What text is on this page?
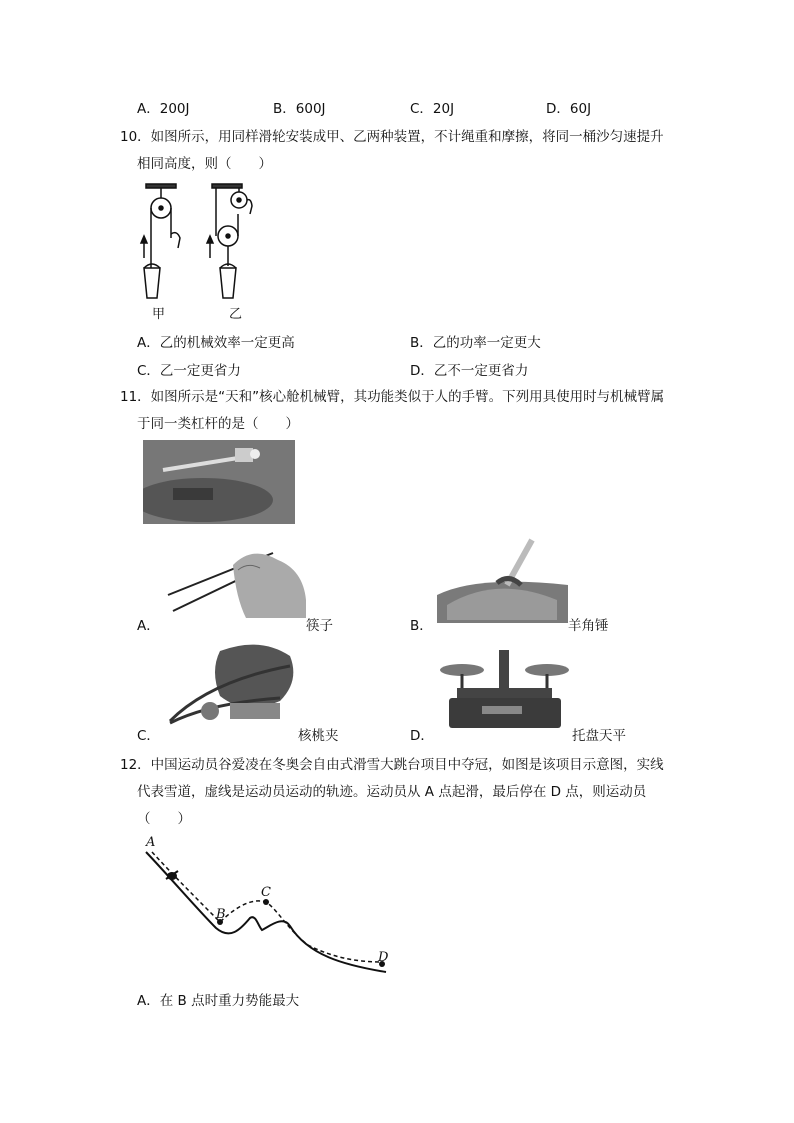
A．200J	B．600J	C．20J	D．60J
10．如图所示，用同样滑轮安装成甲、乙两种装置，不计绳重和摩擦，将同一桶沙匀速提升
相同高度，则（　　）
甲	乙
A．乙的机械效率一定更高	B．乙的功率一定更大
C．乙一定更省力	D．乙不一定更省力
11．如图所示是“天和”核心舱机械臂，其功能类似于人的手臂。下列用具使用时与机械臂属
于同一类杠杆的是（　　）
A．	筷子	B．	羊角锤
C．	核桃夹	D．	托盘天平
12．中国运动员谷爱凌在冬奥会自由式滑雪大跳台项目中夺冠，如图是该项目示意图，实线
代表雪道，虚线是运动员运动的轨迹。运动员从 A 点起滑，最后停在 D 点，则运动员
（　　）
A
B
C
D
A．在 B 点时重力势能最大
